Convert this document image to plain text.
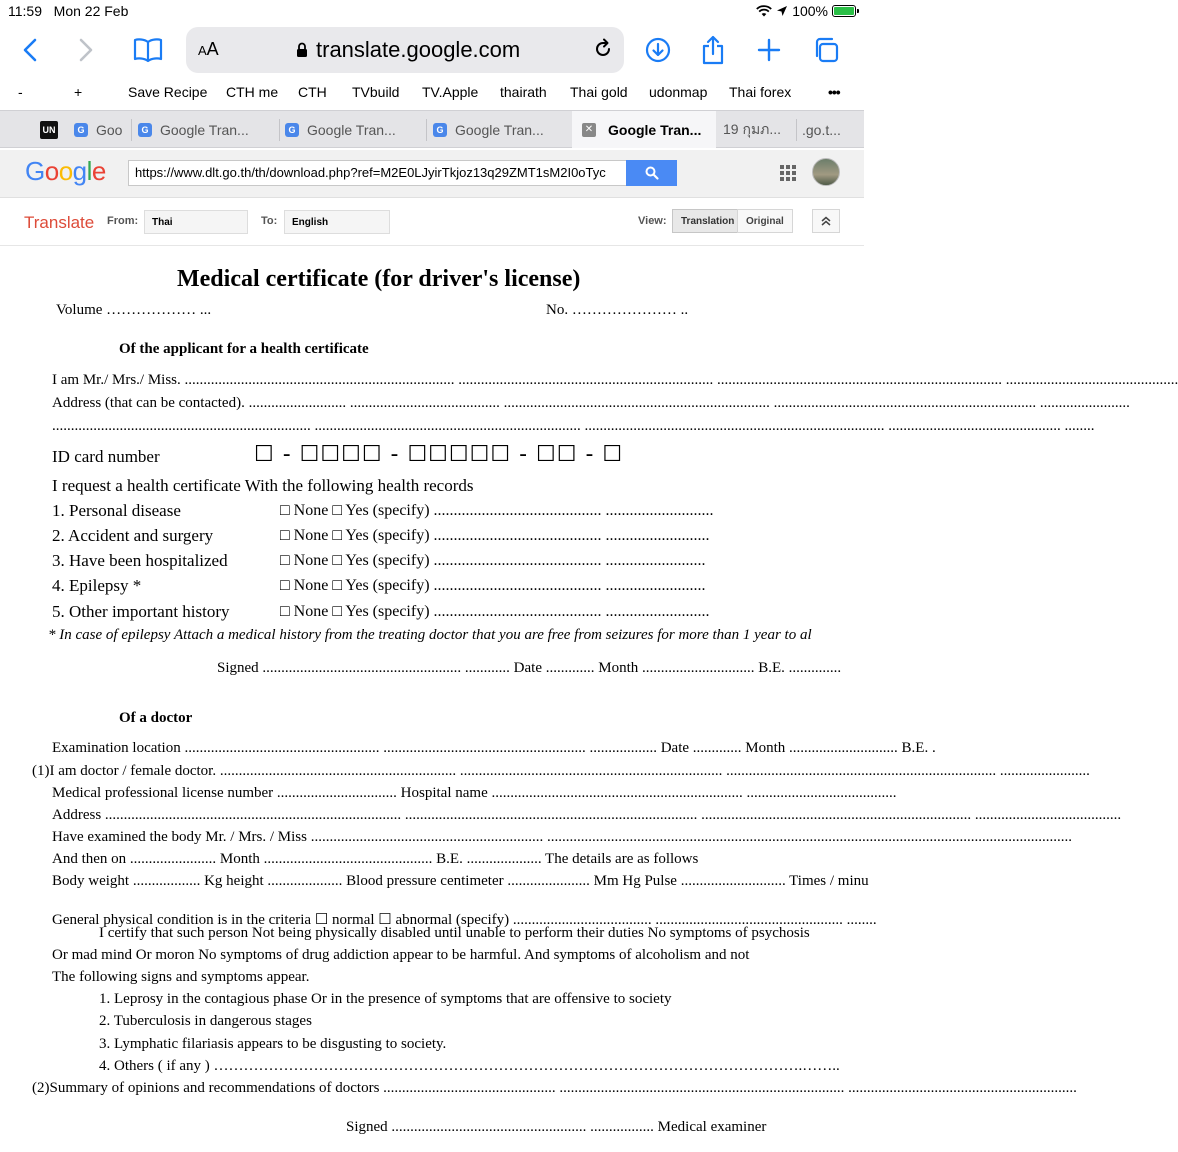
11:59 Mon 22 Feb	100%
AA	translate.google.com
-	+	Save Recipe CTH me CTH TVbuild TV.Apple thairath Thai gold udonmap Thai forex	•••
UN	G Goo	G Google Tran...	G Google Tran...	G Google Tran...	✕ Google Tran... 19 กุมภ... .go.t...
Google	https://www.dlt.go.th/th/download.php?ref=M2E0LJyirTkjoz13q29ZMT1sM2I0oTyc
Translate From:	Thai	To:	English	View:	Translation	Original
Medical certificate (for driver's license)
Volume ……………… ...	No. ………………… ..
Of the applicant for a health certificate
I am Mr./ Mrs./ Miss. ........................................................................ .................................................................... ............................................................................ ..............................................
Address (that can be contacted). .......................... ........................................ ....................................................................... ...................................................................... ........................
..................................................................... ....................................................................... ................................................................................ .............................................. ........
ID card number	☐ - ☐☐☐☐ - ☐☐☐☐☐ - ☐☐ - ☐
I request a health certificate With the following health records
1. Personal disease	□ None □ Yes (specify) .......................................... ...........................
2. Accident and surgery	□ None □ Yes (specify) .......................................... ..........................
3. Have been hospitalized	□ None □ Yes (specify) .......................................... .........................
4. Epilepsy *	□ None □ Yes (specify) .......................................... .........................
5. Other important history	□ None □ Yes (specify) .......................................... ..........................
* In case of epilepsy Attach a medical history from the treating doctor that you are free from seizures for more than 1 year to al
Signed ..................................................... ............ Date ............. Month .............................. B.E. ..............
Of a doctor
Examination location .................................................... ...................................................... .................. Date ............. Month ............................. B.E. .
(1)I am doctor / female doctor. ............................................................... ...................................................................... ........................................................................ ........................
Medical professional license number ................................ Hospital name ................................................................... ........................................
Address ............................................................................... .............................................................................. ........................................................................ .......................................
Have examined the body Mr. / Mrs. / Miss .............................................................. ............................................................................................................................................
And then on ....................... Month ............................................. B.E. .................... The details are as follows
Body weight .................. Kg height .................... Blood pressure centimeter ...................... Mm Hg Pulse ............................ Times / minu
General physical condition is in the criteria ☐ normal ☐ abnormal (specify) ..................................... .................................................. ........
I certify that such person Not being physically disabled until unable to perform their duties No symptoms of psychosis
Or mad mind Or moron No symptoms of drug addiction appear to be harmful. And symptoms of alcoholism and not
The following signs and symptoms appear.
1. Leprosy in the contagious phase Or in the presence of symptoms that are offensive to society
2. Tuberculosis in dangerous stages
3. Lymphatic filariasis appears to be disgusting to society.
4. Others ( if any ) ……………………………………………………………………………………………………….……..
(2)Summary of opinions and recommendations of doctors .............................................. ............................................................................ .............................................................
Signed .................................................... ................. Medical examiner
